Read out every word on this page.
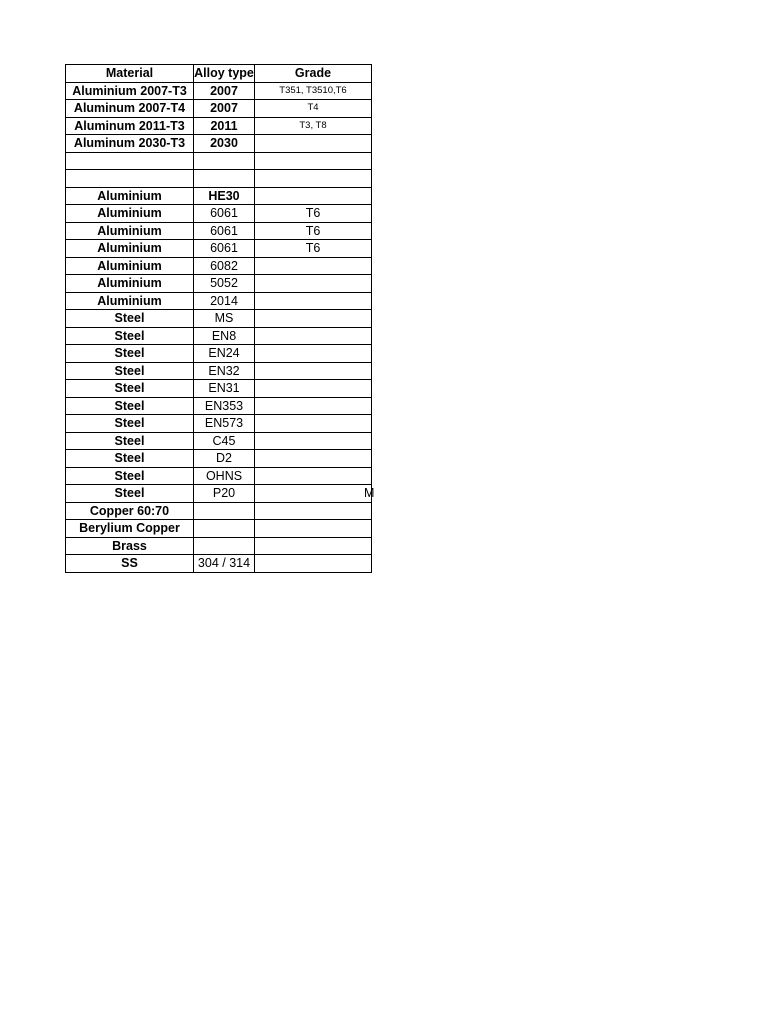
Material	Alloy type	Grade
Aluminium 2007-T3	2007	T351, T3510,T6
Aluminum 2007-T4	2007	T4
Aluminum 2011-T3	2011	T3, T8
Aluminum 2030-T3	2030	

Aluminium	HE30	
Aluminium	6061	T6
Aluminium	6061	T6
Aluminium	6061	T6
Aluminium	6082	
Aluminium	5052	
Aluminium	2014	
Steel	MS	
Steel	EN8	
Steel	EN24	
Steel	EN32	
Steel	EN31	
Steel	EN353	
Steel	EN573	
Steel	C45	
Steel	D2	
Steel	OHNS	
Steel	P20	M

Copper 60:70		
Berylium Copper		
Brass		
SS	304 / 314	
